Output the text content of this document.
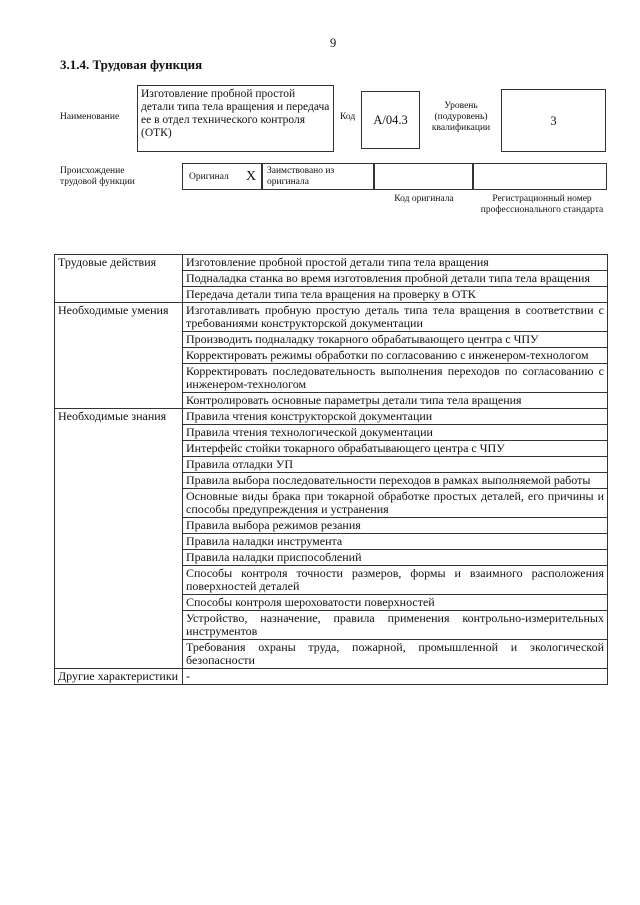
9
3.1.4. Трудовая функция
Наименование
Изготовление пробной простой детали типа тела вращения и передача ее в отдел технического контроля (ОТК)
Код А/04.3
Уровень (подуровень) квалификации
3
Происхождение трудовой функции	Оригинал X	Заимствовано из оригинала
Код оригинала	Регистрационный номер профессионального стандарта
Трудовые действия	Изготовление пробной простой детали типа тела вращения
	Подналадка станка во время изготовления пробной детали типа тела вращения
	Передача детали типа тела вращения на проверку в ОТК
Необходимые умения	Изготавливать пробную простую деталь типа тела вращения в соответствии с требованиями конструкторской документации
	Производить подналадку токарного обрабатывающего центра с ЧПУ
	Корректировать режимы обработки по согласованию с инженером-технологом
	Корректировать последовательность выполнения переходов по согласованию с инженером-технологом
	Контролировать основные параметры детали типа тела вращения
Необходимые знания	Правила чтения конструкторской документации
	Правила чтения технологической документации
	Интерфейс стойки токарного обрабатывающего центра с ЧПУ
	Правила отладки УП
	Правила выбора последовательности переходов в рамках выполняемой работы
	Основные виды брака при токарной обработке простых деталей, его причины и способы предупреждения и устранения
	Правила выбора режимов резания
	Правила наладки инструмента
	Правила наладки приспособлений
	Способы контроля точности размеров, формы и взаимного расположения поверхностей деталей
	Способы контроля шероховатости поверхностей
	Устройство, назначение, правила применения контрольно-измерительных инструментов
	Требования охраны труда, пожарной, промышленной и экологической безопасности
Другие характеристики	-
